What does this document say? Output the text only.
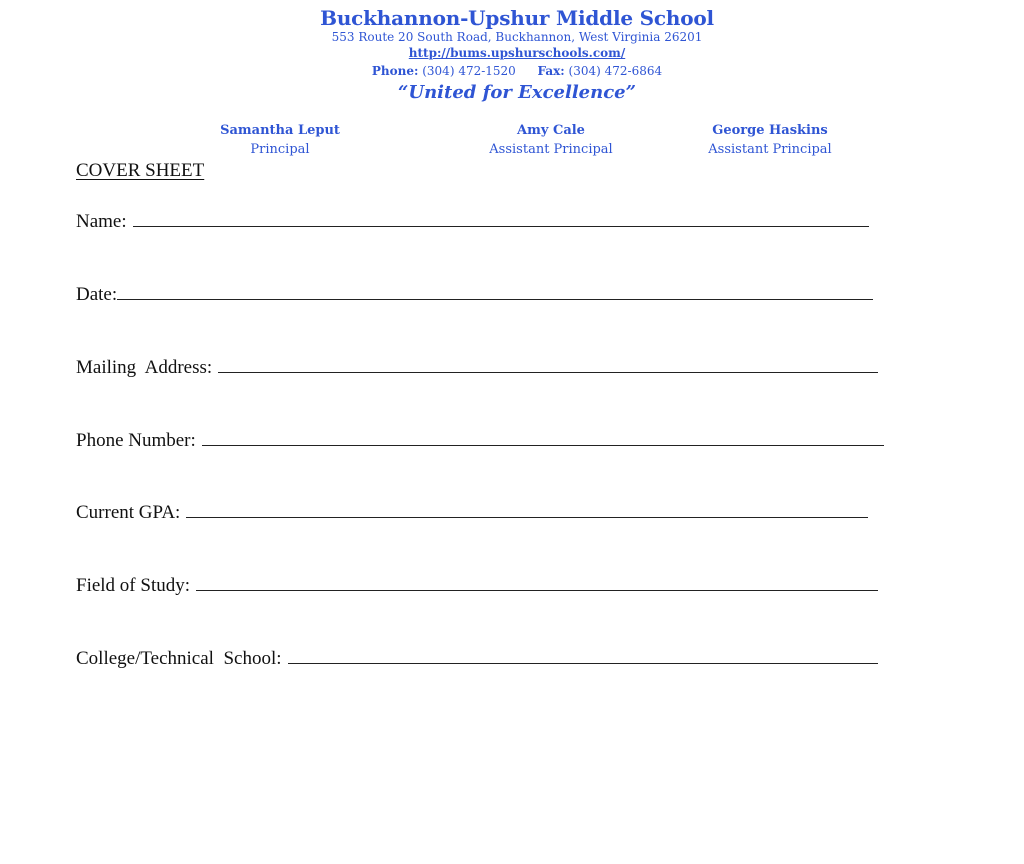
Buckhannon-Upshur Middle School
553 Route 20 South Road, Buckhannon, West Virginia 26201
http://bums.upshurschools.com/
Phone: (304) 472-1520 Fax: (304) 472-6864
“United for Excellence”
Samantha Leput
Principal
Amy Cale
Assistant Principal
George Haskins
Assistant Principal
COVER SHEET
Name:
Date:
Mailing  Address:
Phone Number:
Current GPA:
Field of Study:
College/Technical  School:
